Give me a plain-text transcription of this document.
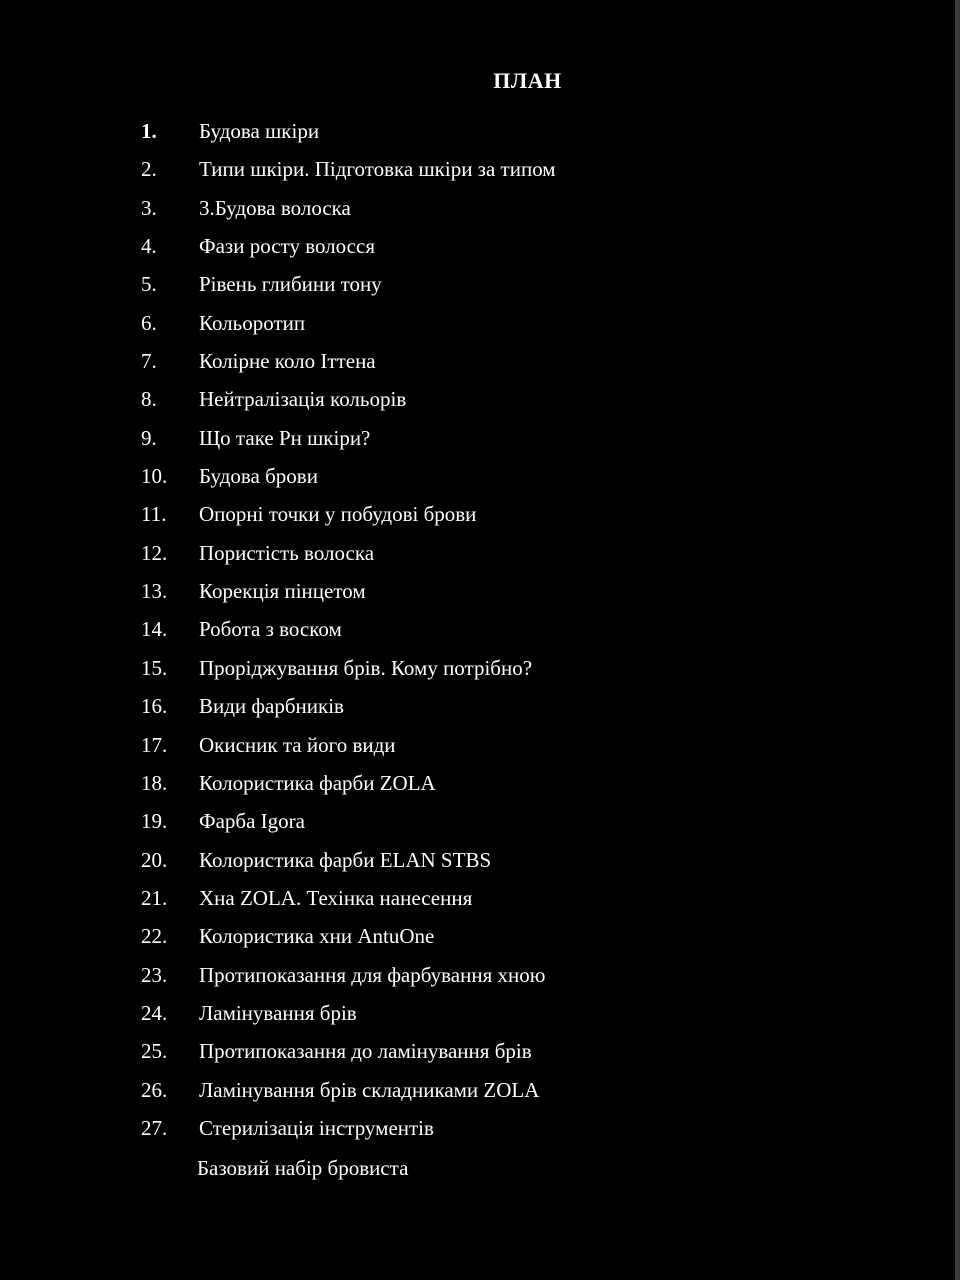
ПЛАН
1. Будова шкіри
2. Типи шкіри. Підготовка шкіри за типом
3. 3.Будова волоска
4. Фази росту волосся
5. Рівень глибини тону
6. Кольоротип
7. Колірне коло Іттена
8. Нейтралізація кольорів
9. Що таке Рн шкіри?
10. Будова брови
11. Опорні точки у побудові брови
12. Пористість волоска
13. Корекція пінцетом
14. Робота з воском
15. Проріджування брів. Кому потрібно?
16. Види фарбників
17. Окисник та його види
18. Колористика фарби ZOLA
19. Фарба Igora
20. Колористика фарби ELAN STBS
21. Хна ZOLA. Техінка нанесення
22. Колористика хни AntuOne
23. Протипоказання для фарбування хною
24. Ламінування брів
25. Протипоказання до ламінування брів
26. Ламінування брів складниками ZOLA
27. Стерилізація інструментів
Базовий набір бровиста
